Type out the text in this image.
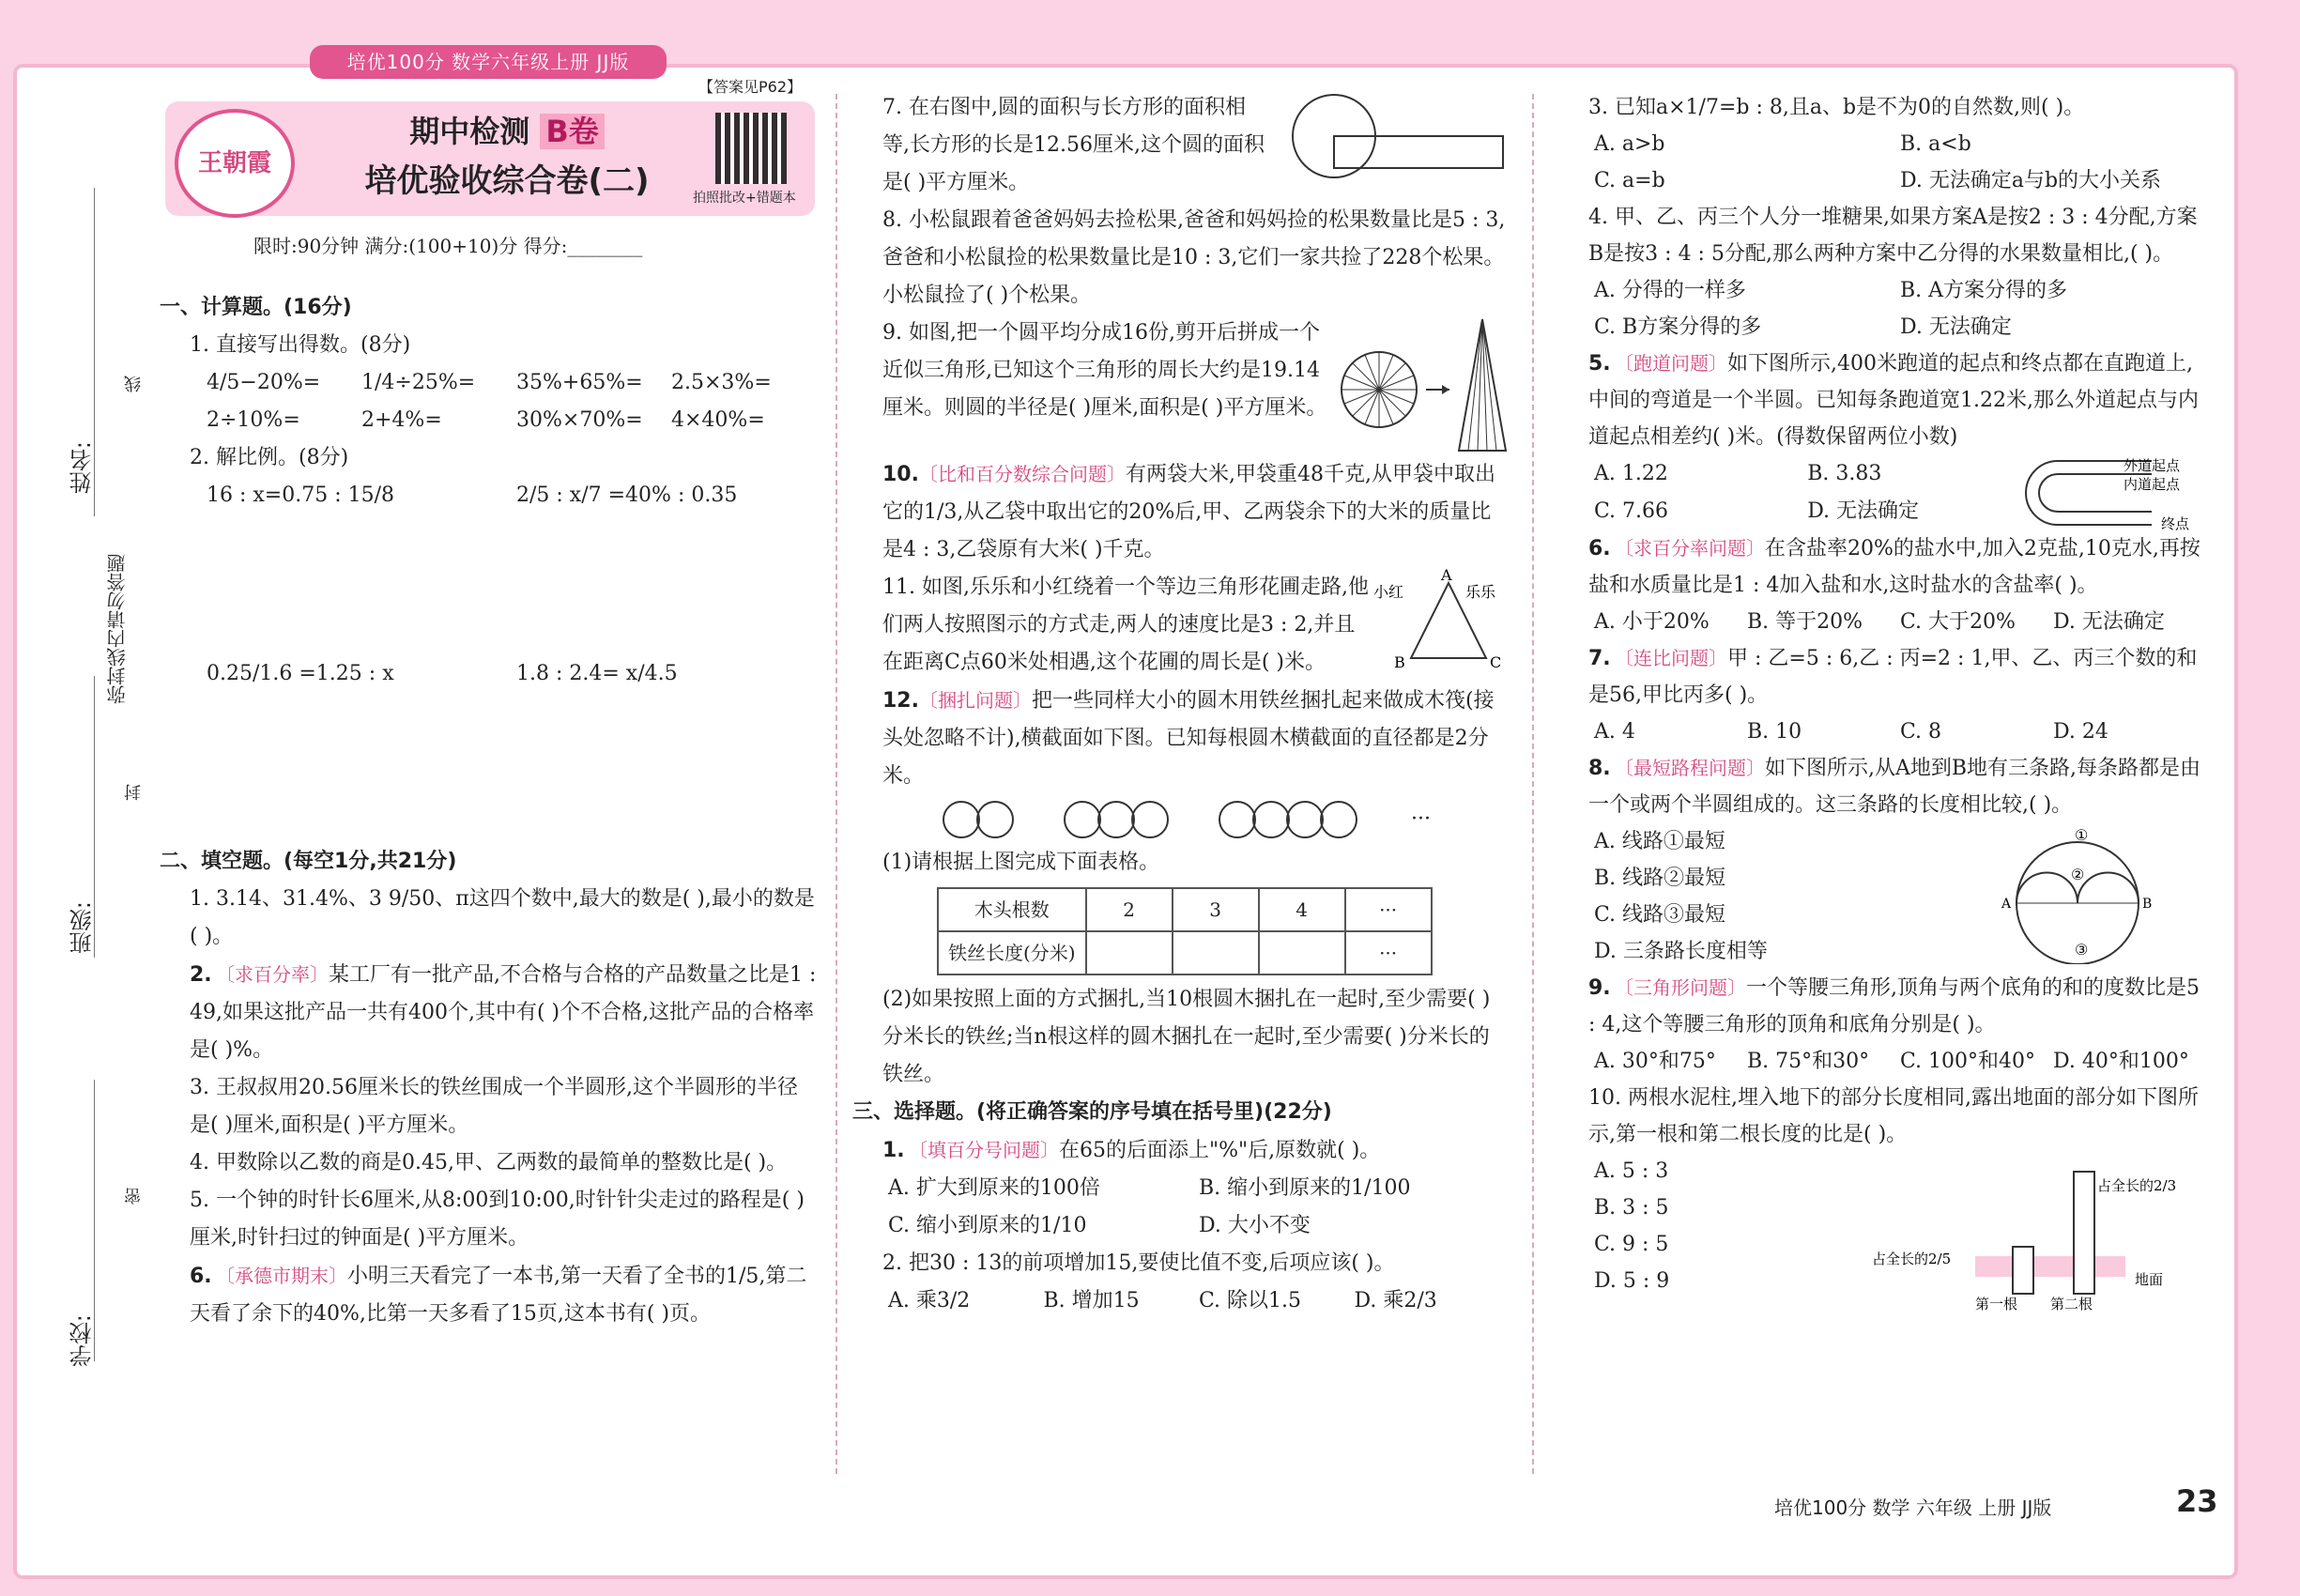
培优100分 数学六年级上册 JJ版
王朝霞
期中检测 B卷
培优验收综合卷(二)
【答案见P62】
拍照批改+错题本
限时:90分钟 满分:(100+10)分 得分:________
姓名:
班级:
学校:
弥封线内请勿答题
线
封
密
一、计算题。(16分)
1. 直接写出得数。(8分)
4/5−20%=	1/4÷25%=	35%+65%=	2.5×3%=
2÷10%=	2+4%=	30%×70%=	4×40%=
2. 解比例。(8分)
16 : x=0.75 : 15/8	2/5 : x/7 =40% : 0.35
0.25/1.6 =1.25 : x	1.8 : 2.4= x/4.5
二、填空题。(每空1分,共21分)
1. 3.14、31.4%、3 9/50、π这四个数中,最大的数是( ),最小的数是( )。
2. 〔求百分率〕某工厂有一批产品,不合格与合格的产品数量之比是1 : 49,如果这批产品一共有400个,其中有( )个不合格,这批产品的合格率是( )%。
3. 王叔叔用20.56厘米长的铁丝围成一个半圆形,这个半圆形的半径是( )厘米,面积是( )平方厘米。
4. 甲数除以乙数的商是0.45,甲、乙两数的最简单的整数比是( )。
5. 一个钟的时针长6厘米,从8:00到10:00,时针针尖走过的路程是( )厘米,时针扫过的钟面是( )平方厘米。
6. 〔承德市期末〕小明三天看完了一本书,第一天看了全书的1/5,第二天看了余下的40%,比第一天多看了15页,这本书有( )页。
7. 在右图中,圆的面积与长方形的面积相等,长方形的长是12.56厘米,这个圆的面积是( )平方厘米。
8. 小松鼠跟着爸爸妈妈去捡松果,爸爸和妈妈捡的松果数量比是5 : 3,爸爸和小松鼠捡的松果数量比是10 : 3,它们一家共捡了228个松果。小松鼠捡了( )个松果。
9. 如图,把一个圆平均分成16份,剪开后拼成一个近似三角形,已知这个三角形的周长大约是19.14厘米。则圆的半径是( )厘米,面积是( )平方厘米。
10.〔比和百分数综合问题〕有两袋大米,甲袋重48千克,从甲袋中取出它的1/3,从乙袋中取出它的20%后,甲、乙两袋余下的大米的质量比是4 : 3,乙袋原有大米( )千克。
11. 如图,乐乐和小红绕着一个等边三角形花圃走路,他们两人按照图示的方式走,两人的速度比是3 : 2,并且在距离C点60米处相遇,这个花圃的周长是( )米。
小红
A
乐乐
B	C
12.〔捆扎问题〕把一些同样大小的圆木用铁丝捆扎起来做成木筏(接头处忽略不计),横截面如下图。已知每根圆木横截面的直径都是2分米。
···
(1)请根据上图完成下面表格。
木头根数	2	3	4	···
铁丝长度(分米)				···
(2)如果按照上面的方式捆扎,当10根圆木捆扎在一起时,至少需要( )分米长的铁丝;当n根这样的圆木捆扎在一起时,至少需要( )分米长的铁丝。
三、选择题。(将正确答案的序号填在括号里)(22分)
1. 〔填百分号问题〕在65的后面添上"%"后,原数就( )。
A. 扩大到原来的100倍	B. 缩小到原来的1/100
C. 缩小到原来的1/10	D. 大小不变
2. 把30 : 13的前项增加15,要使比值不变,后项应该( )。
A. 乘3/2	B. 增加15	C. 除以1.5	D. 乘2/3
3. 已知a×1/7=b : 8,且a、b是不为0的自然数,则( )。
A. a>b	B. a<b
C. a=b	D. 无法确定a与b的大小关系
4. 甲、乙、丙三个人分一堆糖果,如果方案A是按2 : 3 : 4分配,方案B是按3 : 4 : 5分配,那么两种方案中乙分得的水果数量相比,( )。
A. 分得的一样多	B. A方案分得的多
C. B方案分得的多	D. 无法确定
5. 〔跑道问题〕如下图所示,400米跑道的起点和终点都在直跑道上,中间的弯道是一个半圆。已知每条跑道宽1.22米,那么外道起点与内道起点相差约( )米。(得数保留两位小数)
A. 1.22	B. 3.83
C. 7.66	D. 无法确定
外道起点
内道起点
终点
6. 〔求百分率问题〕在含盐率20%的盐水中,加入2克盐,10克水,再按盐和水质量比是1 : 4加入盐和水,这时盐水的含盐率( )。
A. 小于20%	B. 等于20%	C. 大于20%	D. 无法确定
7. 〔连比问题〕甲 : 乙=5 : 6,乙 : 丙=2 : 1,甲、乙、丙三个数的和是56,甲比丙多( )。
A. 4	B. 10	C. 8	D. 24
8. 〔最短路程问题〕如下图所示,从A地到B地有三条路,每条路都是由一个或两个半圆组成的。这三条路的长度相比较,( )。
A. 线路①最短
B. 线路②最短
C. 线路③最短
D. 三条路长度相等
①
②
③
A	B
9. 〔三角形问题〕一个等腰三角形,顶角与两个底角的和的度数比是5 : 4,这个等腰三角形的顶角和底角分别是( )。
A. 30°和75°	B. 75°和30°	C. 100°和40° D. 40°和100°
10. 两根水泥柱,埋入地下的部分长度相同,露出地面的部分如下图所示,第一根和第二根长度的比是( )。
A. 5 : 3
B. 3 : 5
C. 9 : 5
D. 5 : 9
占全长的2/3
占全长的2/5
地面
第一根 第二根
培优100分 数学 六年级 上册 JJ版	23
